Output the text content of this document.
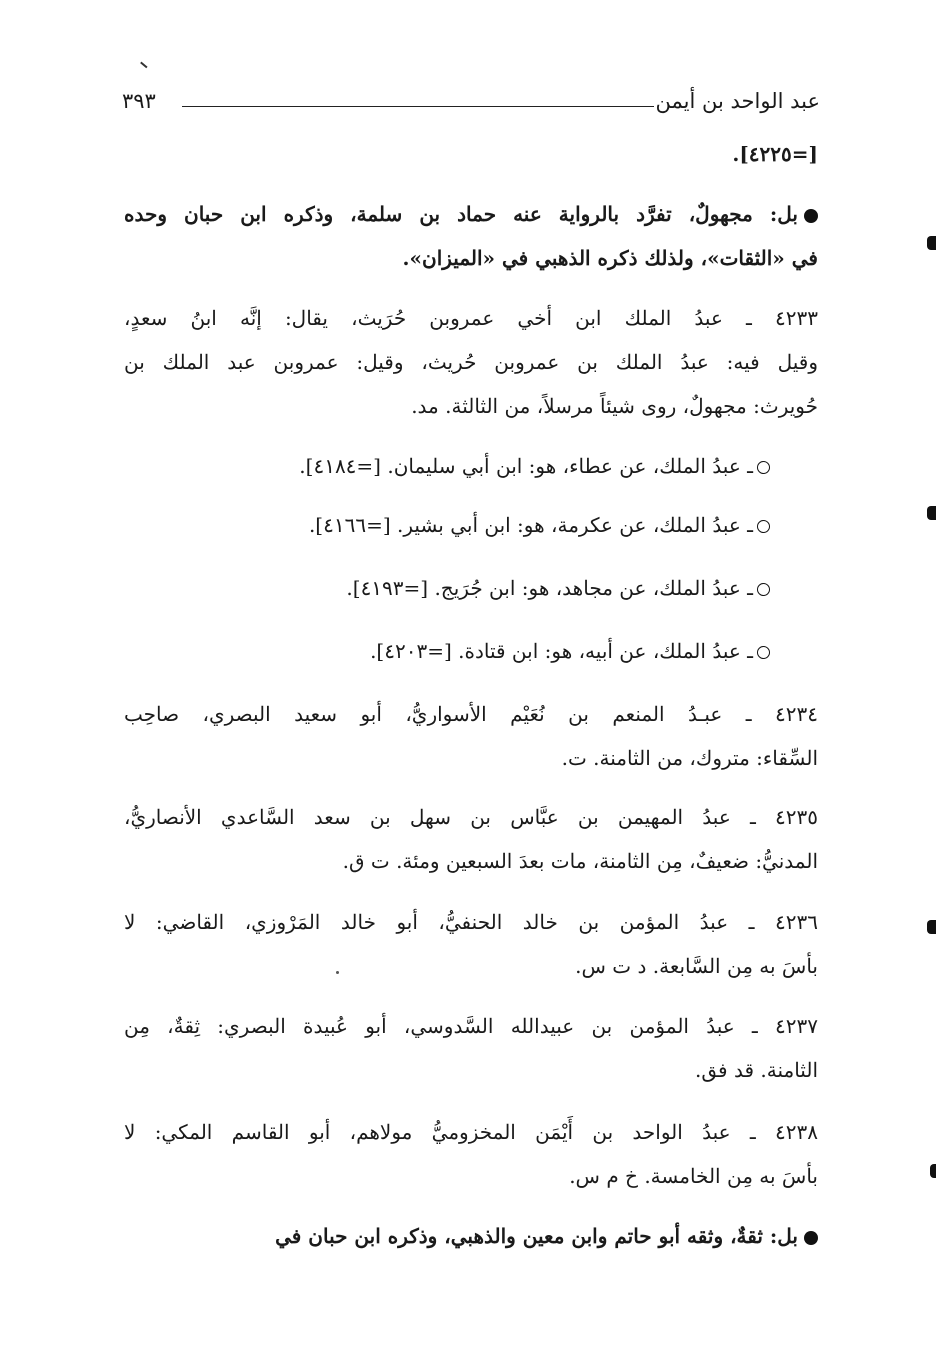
عبد الواحد بن أيمن
٣٩٣
[=٤٢٢٥].
بل: مجهولٌ، تفرَّد بالرواية عنه حماد بن سلمة، وذكره ابن حبان وحده
في «الثقات»، ولذلك ذكره الذهبي في «الميزان».
٤٢٣٣ ـ عبدُ الملك ابن أخي عمروبن حُرَيث، يقال: إنَّه ابنُ سعدٍ،
وقيل فيه: عبدُ الملك بن عمروبن حُريث، وقيل: عمروبن عبد الملك بن
حُويرث: مجهولٌ، روى شيئاً مرسلاً، من الثالثة. مد.
ـ عبدُ الملك، عن عطاء، هو: ابن أبي سليمان. [=٤١٨٤].
ـ عبدُ الملك، عن عكرمة، هو: ابن أبي بشير. [=٤١٦٦].
ـ عبدُ الملك، عن مجاهد، هو: ابن جُرَيج. [=٤١٩٣].
ـ عبدُ الملك، عن أبيه، هو: ابن قتادة. [=٤٢٠٣].
٤٢٣٤ ـ عبـدُ المنعم بن نُعَيْم الأسواريُّ، أبو سعيد البصري، صاحِب
السِّقاء: متروك، من الثامنة. ت.
٤٢٣٥ ـ عبدُ المهيمن بن عبَّاس بن سهل بن سعد السَّاعدي الأنصاريُّ،
المدنيُّ: ضعيفٌ، مِن الثامنة، مات بعدَ السبعين ومئة. ت ق.
٤٢٣٦ ـ عبدُ المؤمن بن خالد الحنفيُّ، أبو خالد المَرْوزي، القاضي: لا
بأسَ به مِن السَّابعة. د ت س.
٤٢٣٧ ـ عبدُ المؤمن بن عبيدالله السَّدوسي، أبو عُبيدة البصري: ثِقةٌ، مِن
الثامنة. قد فق.
٤٢٣٨ ـ عبدُ الواحد بن أَيْمَن المخزوميُّ مولاهم، أبو القاسم المكي: لا
بأسَ به مِن الخامسة. خ م س.
بل: ثقةٌ، وثقه أبو حاتم وابن معين والذهبي، وذكره ابن حبان في
